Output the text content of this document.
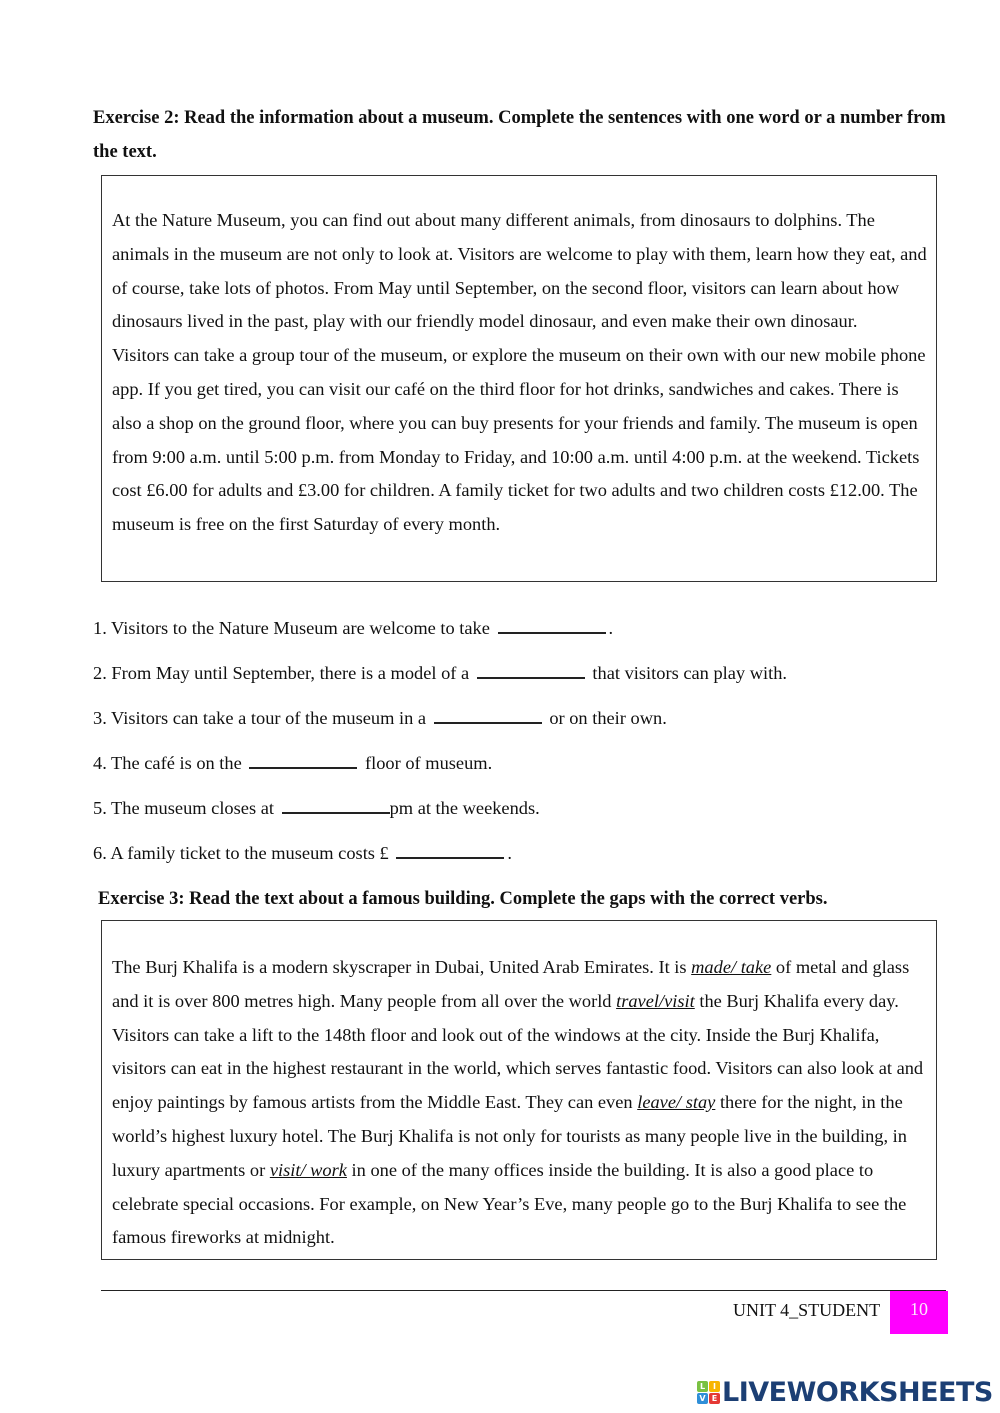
Exercise 2: Read the information about a museum. Complete the sentences with one word or a number from the text.

At the Nature Museum, you can find out about many different animals, from dinosaurs to dolphins. The animals in the museum are not only to look at. Visitors are welcome to play with them, learn how they eat, and of course, take lots of photos. From May until September, on the second floor, visitors can learn about how dinosaurs lived in the past, play with our friendly model dinosaur, and even make their own dinosaur.

Visitors can take a group tour of the museum, or explore the museum on their own with our new mobile phone app. If you get tired, you can visit our café on the third floor for hot drinks, sandwiches and cakes. There is also a shop on the ground floor, where you can buy presents for your friends and family. The museum is open from 9:00 a.m. until 5:00 p.m. from Monday to Friday, and 10:00 a.m. until 4:00 p.m. at the weekend. Tickets cost £6.00 for adults and £3.00 for children. A family ticket for two adults and two children costs £12.00. The museum is free on the first Saturday of every month.

1. Visitors to the Nature Museum are welcome to take	.
2. From May until September, there is a model of a	that visitors can play with.
3. Visitors can take a tour of the museum in a	or on their own.
4. The café is on the	floor of museum.
5. The museum closes at	pm at the weekends.
6. A family ticket to the museum costs £	.
Exercise 3: Read the text about a famous building. Complete the gaps with the correct verbs.
The Burj Khalifa is a modern skyscraper in Dubai, United Arab Emirates. It is made/ take of metal and glass and it is over 800 metres high. Many people from all over the world travel/visit the Burj Khalifa every day. Visitors can take a lift to the 148th floor and look out of the windows at the city. Inside the Burj Khalifa, visitors can eat in the highest restaurant in the world, which serves fantastic food. Visitors can also look at and enjoy paintings by famous artists from the Middle East. They can even leave/ stay there for the night, in the world’s highest luxury hotel. The Burj Khalifa is not only for tourists as many people live in the building, in luxury apartments or visit/ work in one of the many offices inside the building. It is also a good place to celebrate special occasions. For example, on New Year’s Eve, many people go to the Burj Khalifa to see the famous fireworks at midnight.
UNIT 4_STUDENT	10
L I
V E LIVEWORKSHEETS
